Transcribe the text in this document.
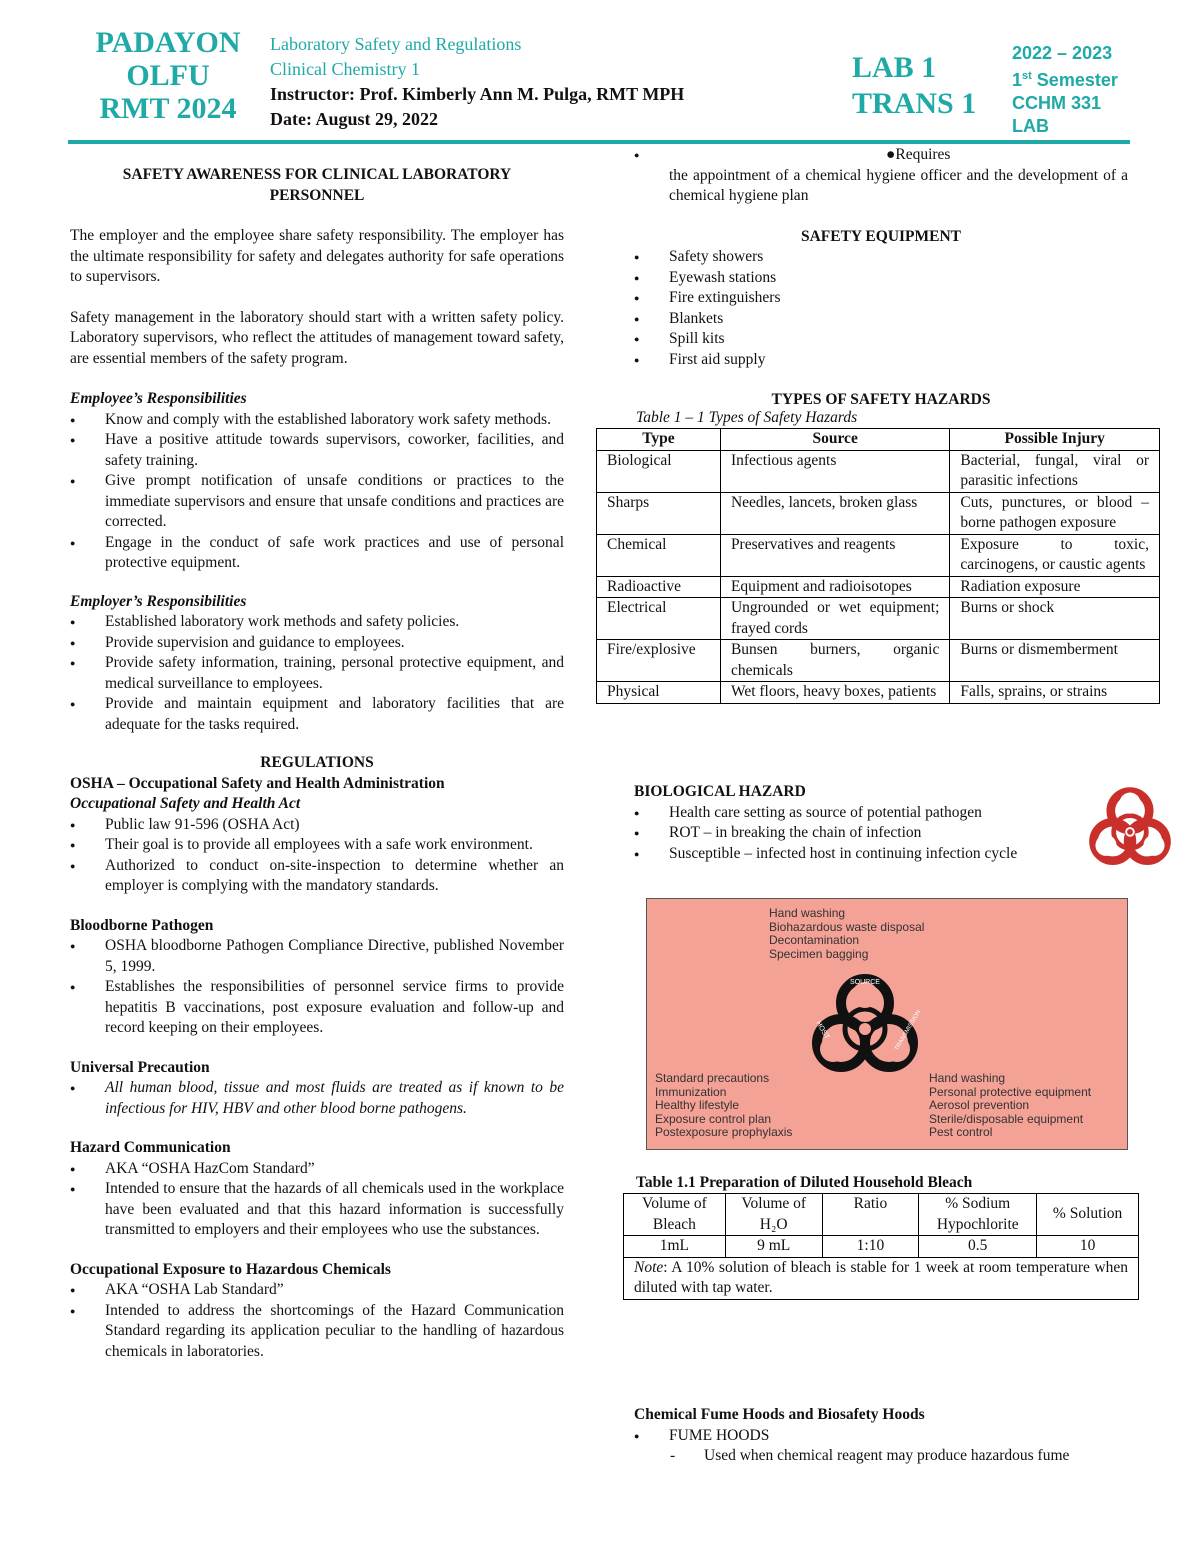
PADAYON
OLFU
RMT 2024
Laboratory Safety and Regulations
Clinical Chemistry 1
Instructor: Prof. Kimberly Ann M. Pulga, RMT MPH
Date: August 29, 2022
LAB 1
TRANS 1
2022 – 2023
1st Semester
CCHM 331
LAB

SAFETY AWARENESS FOR CLINICAL LABORATORY PERSONNEL

The employer and the employee share safety responsibility. The employer has the ultimate responsibility for safety and delegates authority for safe operations to supervisors.

Safety management in the laboratory should start with a written safety policy. Laboratory supervisors, who reflect the attitudes of management toward safety, are essential members of the safety program.

Employee’s Responsibilities

● Know and comply with the established laboratory work safety methods.
● Have a positive attitude towards supervisors, coworker, facilities, and safety training.
● Give prompt notification of unsafe conditions or practices to the immediate supervisors and ensure that unsafe conditions and practices are corrected.
● Engage in the conduct of safe work practices and use of personal protective equipment.

Employer’s Responsibilities

● Established laboratory work methods and safety policies.
● Provide supervision and guidance to employees.
● Provide safety information, training, personal protective equipment, and medical surveillance to employees.
● Provide and maintain equipment and laboratory facilities that are adequate for the tasks required.

REGULATIONS

OSHA – Occupational Safety and Health Administration

Occupational Safety and Health Act

● Public law 91-596 (OSHA Act)
● Their goal is to provide all employees with a safe work environment.
● Authorized to conduct on-site-inspection to determine whether an employer is complying with the mandatory standards.

Bloodborne Pathogen

● OSHA bloodborne Pathogen Compliance Directive, published November 5, 1999.
● Establishes the responsibilities of personnel service firms to provide hepatitis B vaccinations, post exposure evaluation and follow-up and record keeping on their employees.

Universal Precaution

● All human blood, tissue and most fluids are treated as if known to be infectious for HIV, HBV and other blood borne pathogens.

Hazard Communication

● AKA “OSHA HazCom Standard”
● Intended to ensure that the hazards of all chemicals used in the workplace have been evaluated and that this hazard information is successfully transmitted to employers and their employees who use the substances.

Occupational Exposure to Hazardous Chemicals

● AKA “OSHA Lab Standard”
● Intended to address the shortcomings of the Hazard Communication Standard regarding its application peculiar to the handling of hazardous chemicals in laboratories.
● ●Requires

the appointment of a chemical hygiene officer and the development of a chemical hygiene plan

SAFETY EQUIPMENT

● Safety showers
● Eyewash stations
● Fire extinguishers
● Blankets
● Spill kits
● First aid supply

TYPES OF SAFETY HAZARDS

Table 1 – 1 Types of Safety Hazards
Type	Source	Possible Injury
Biological	Infectious agents	Bacterial, fungal, viral or parasitic infections
Sharps	Needles, lancets, broken glass	Cuts, punctures, or blood – borne pathogen exposure
Chemical	Preservatives and reagents	Exposure to toxic, carcinogens, or caustic agents
Radioactive	Equipment and radioisotopes	Radiation exposure
Electrical	Ungrounded or wet equipment; frayed cords	Burns or shock
Fire/explosive	Bunsen burners, organic chemicals	Burns or dismemberment
Physical	Wet floors, heavy boxes, patients	Falls, sprains, or strains

BIOLOGICAL HAZARD

● Health care setting as source of potential pathogen
● ROT – in breaking the chain of infection
● Susceptible – infected host in continuing infection cycle
Hand washing
Biohazardous waste disposal
Decontamination
Specimen bagging
Standard precautions
Immunization
Healthy lifestyle
Exposure control plan
Postexposure prophylaxis
Hand washing
Personal protective equipment
Aerosol prevention
Sterile/disposable equipment
Pest control
SOURCE
HOST	TRANSMISSION
Table 1.1 Preparation of Diluted Household Bleach
Volume of Bleach	Volume of H₂O	Ratio	% Sodium Hypochlorite	% Solution
1mL	9 mL	1:10	0.5	10
Note: A 10% solution of bleach is stable for 1 week at room temperature when diluted with tap water.				

Chemical Fume Hoods and Biosafety Hoods

● FUME HOODS
- Used when chemical reagent may produce hazardous fume
